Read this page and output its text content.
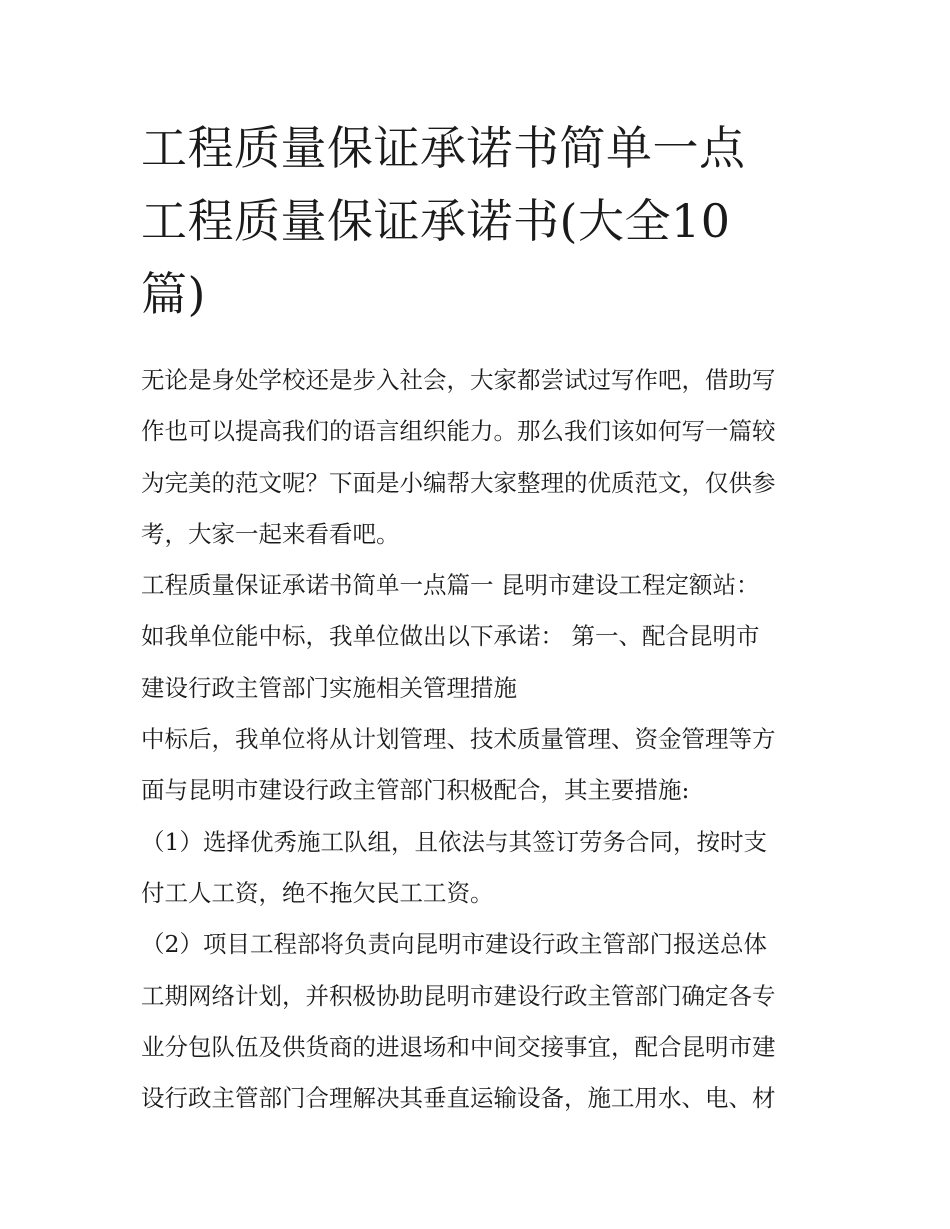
工程质量保证承诺书简单一点
工程质量保证承诺书(大全10
篇)
无论是身处学校还是步入社会，大家都尝试过写作吧，借助写
作也可以提高我们的语言组织能力。那么我们该如何写一篇较
为完美的范文呢？下面是小编帮大家整理的优质范文，仅供参
考，大家一起来看看吧。
工程质量保证承诺书简单一点篇一 昆明市建设工程定额站：
如我单位能中标，我单位做出以下承诺： 第一、配合昆明市
建设行政主管部门实施相关管理措施
中标后，我单位将从计划管理、技术质量管理、资金管理等方
面与昆明市建设行政主管部门积极配合，其主要措施:
（1）选择优秀施工队组，且依法与其签订劳务合同，按时支
付工人工资，绝不拖欠民工工资。
（2）项目工程部将负责向昆明市建设行政主管部门报送总体
工期网络计划，并积极协助昆明市建设行政主管部门确定各专
业分包队伍及供货商的进退场和中间交接事宜，配合昆明市建
设行政主管部门合理解决其垂直运输设备，施工用水、电、材
